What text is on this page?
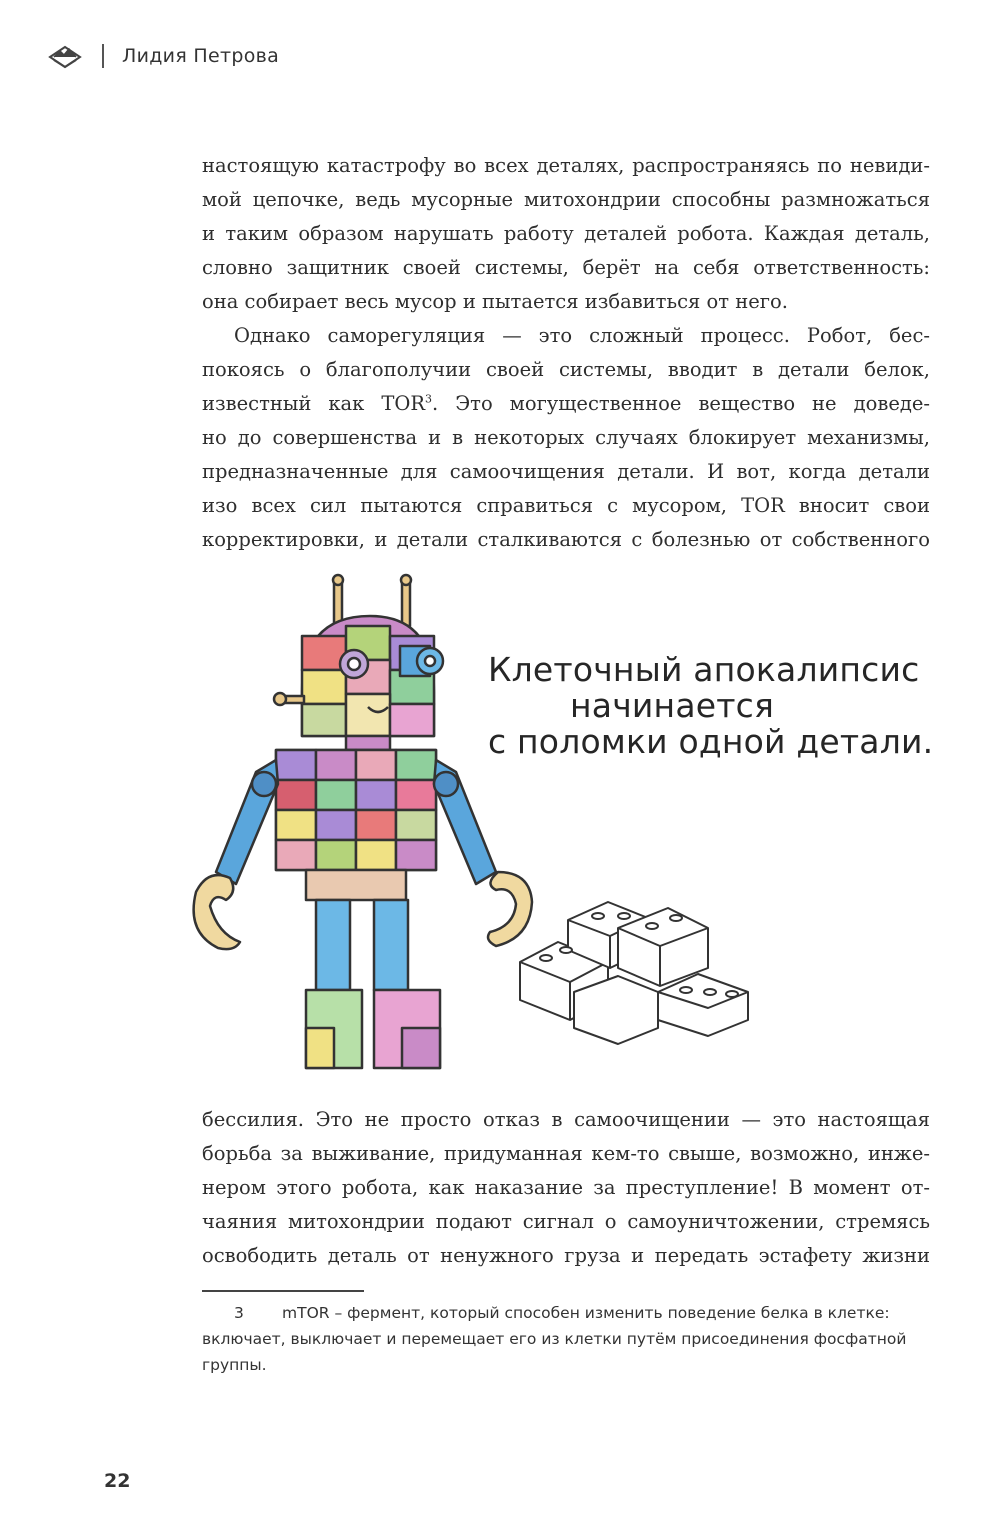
Лидия Петрова
настоящую катастрофу во всех деталях, распространяясь по невиди-
мой цепочке, ведь мусорные митохондрии способны размножаться
и таким образом нарушать работу деталей робота. Каждая деталь,
словно защитник своей системы, берёт на себя ответственность:
она собирает весь мусор и пытается избавиться от него.
Однако саморегуляция — это сложный процесс. Робот, бес-
покоясь о благополучии своей системы, вводит в детали белок,
известный как TOR$^3$. Это могущественное вещество не доведе-
но до совершенства и в некоторых случаях блокирует механизмы,
предназначенные для самоочищения детали. И вот, когда детали
изо всех сил пытаются справиться с мусором, TOR вносит свои
корректировки, и детали сталкиваются с болезнью от собственного
Клеточный апокалипсис
начинается
с поломки одной детали.
бессилия. Это не просто отказ в самоочищении — это настоящая
борьба за выживание, придуманная кем-то свыше, возможно, инже-
нером этого робота, как наказание за преступление! В момент от-
чаяния митохондрии подают сигнал о самоуничтожении, стремясь
освободить деталь от ненужного груза и передать эстафету жизни
3 mTOR – фермент, который способен изменить поведение белка в клетке:
включает, выключает и перемещает его из клетки путём присоединения фосфатной
группы.
22
